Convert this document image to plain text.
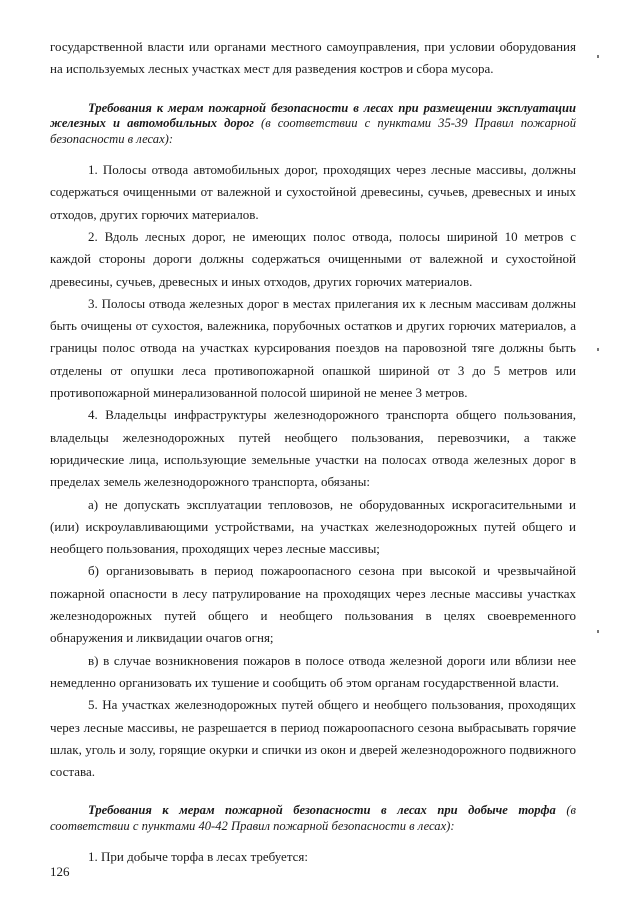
государственной власти или органами местного самоуправления, при условии оборудования на используемых лесных участках мест для разведения костров и сбора мусора.

Требования к мерам пожарной безопасности в лесах при размещении эксплуатации железных и автомобильных дорог (в соответствии с пунктами 35-39 Правил пожарной безопасности в лесах):

1. Полосы отвода автомобильных дорог, проходящих через лесные массивы, должны содержаться очищенными от валежной и сухостойной древесины, сучьев, древесных и иных отходов, других горючих материалов.

2. Вдоль лесных дорог, не имеющих полос отвода, полосы шириной 10 метров с каждой стороны дороги должны содержаться очищенными от валежной и сухостойной древесины, сучьев, древесных и иных отходов, других горючих материалов.

3. Полосы отвода железных дорог в местах прилегания их к лесным массивам должны быть очищены от сухостоя, валежника, порубочных остатков и других горючих материалов, а границы полос отвода на участках курсирования поездов на паровозной тяге должны быть отделены от опушки леса противопожарной опашкой шириной от 3 до 5 метров или противопожарной минерализованной полосой шириной не менее 3 метров.

4. Владельцы инфраструктуры железнодорожного транспорта общего пользования, владельцы железнодорожных путей необщего пользования, перевозчики, а также юридические лица, использующие земельные участки на полосах отвода железных дорог в пределах земель железнодорожного транспорта, обязаны:

а) не допускать эксплуатации тепловозов, не оборудованных искрогасительными и (или) искроулавливающими устройствами, на участках железнодорожных путей общего и необщего пользования, проходящих через лесные массивы;

б) организовывать в период пожароопасного сезона при высокой и чрезвычайной пожарной опасности в лесу патрулирование на проходящих через лесные массивы участках железнодорожных путей общего и необщего пользования в целях своевременного обнаружения и ликвидации очагов огня;

в) в случае возникновения пожаров в полосе отвода железной дороги или вблизи нее немедленно организовать их тушение и сообщить об этом органам государственной власти.

5. На участках железнодорожных путей общего и необщего пользования, проходящих через лесные массивы, не разрешается в период пожароопасного сезона выбрасывать горячие шлак, уголь и золу, горящие окурки и спички из окон и дверей железнодорожного подвижного состава.

Требования к мерам пожарной безопасности в лесах при добыче торфа (в соответствии с пунктами 40-42 Правил пожарной безопасности в лесах):

1. При добыче торфа в лесах требуется:

126
